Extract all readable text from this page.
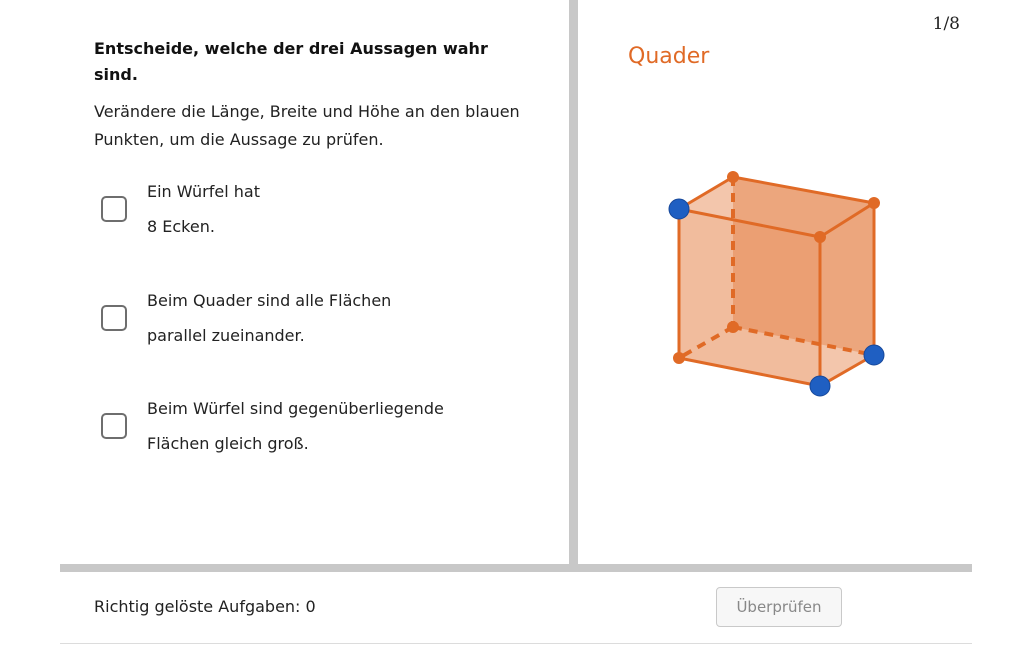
Entscheide, welche der drei Aussagen wahr sind.
Verändere die Länge, Breite und Höhe an den blauen Punkten, um die Aussage zu prüfen.
Ein Würfel hat
8 Ecken.
Beim Quader sind alle Flächen
parallel zueinander.
Beim Würfel sind gegenüberliegende
Flächen gleich groß.
1/8
Quader
Richtig gelöste Aufgaben: 0	Überprüfen
